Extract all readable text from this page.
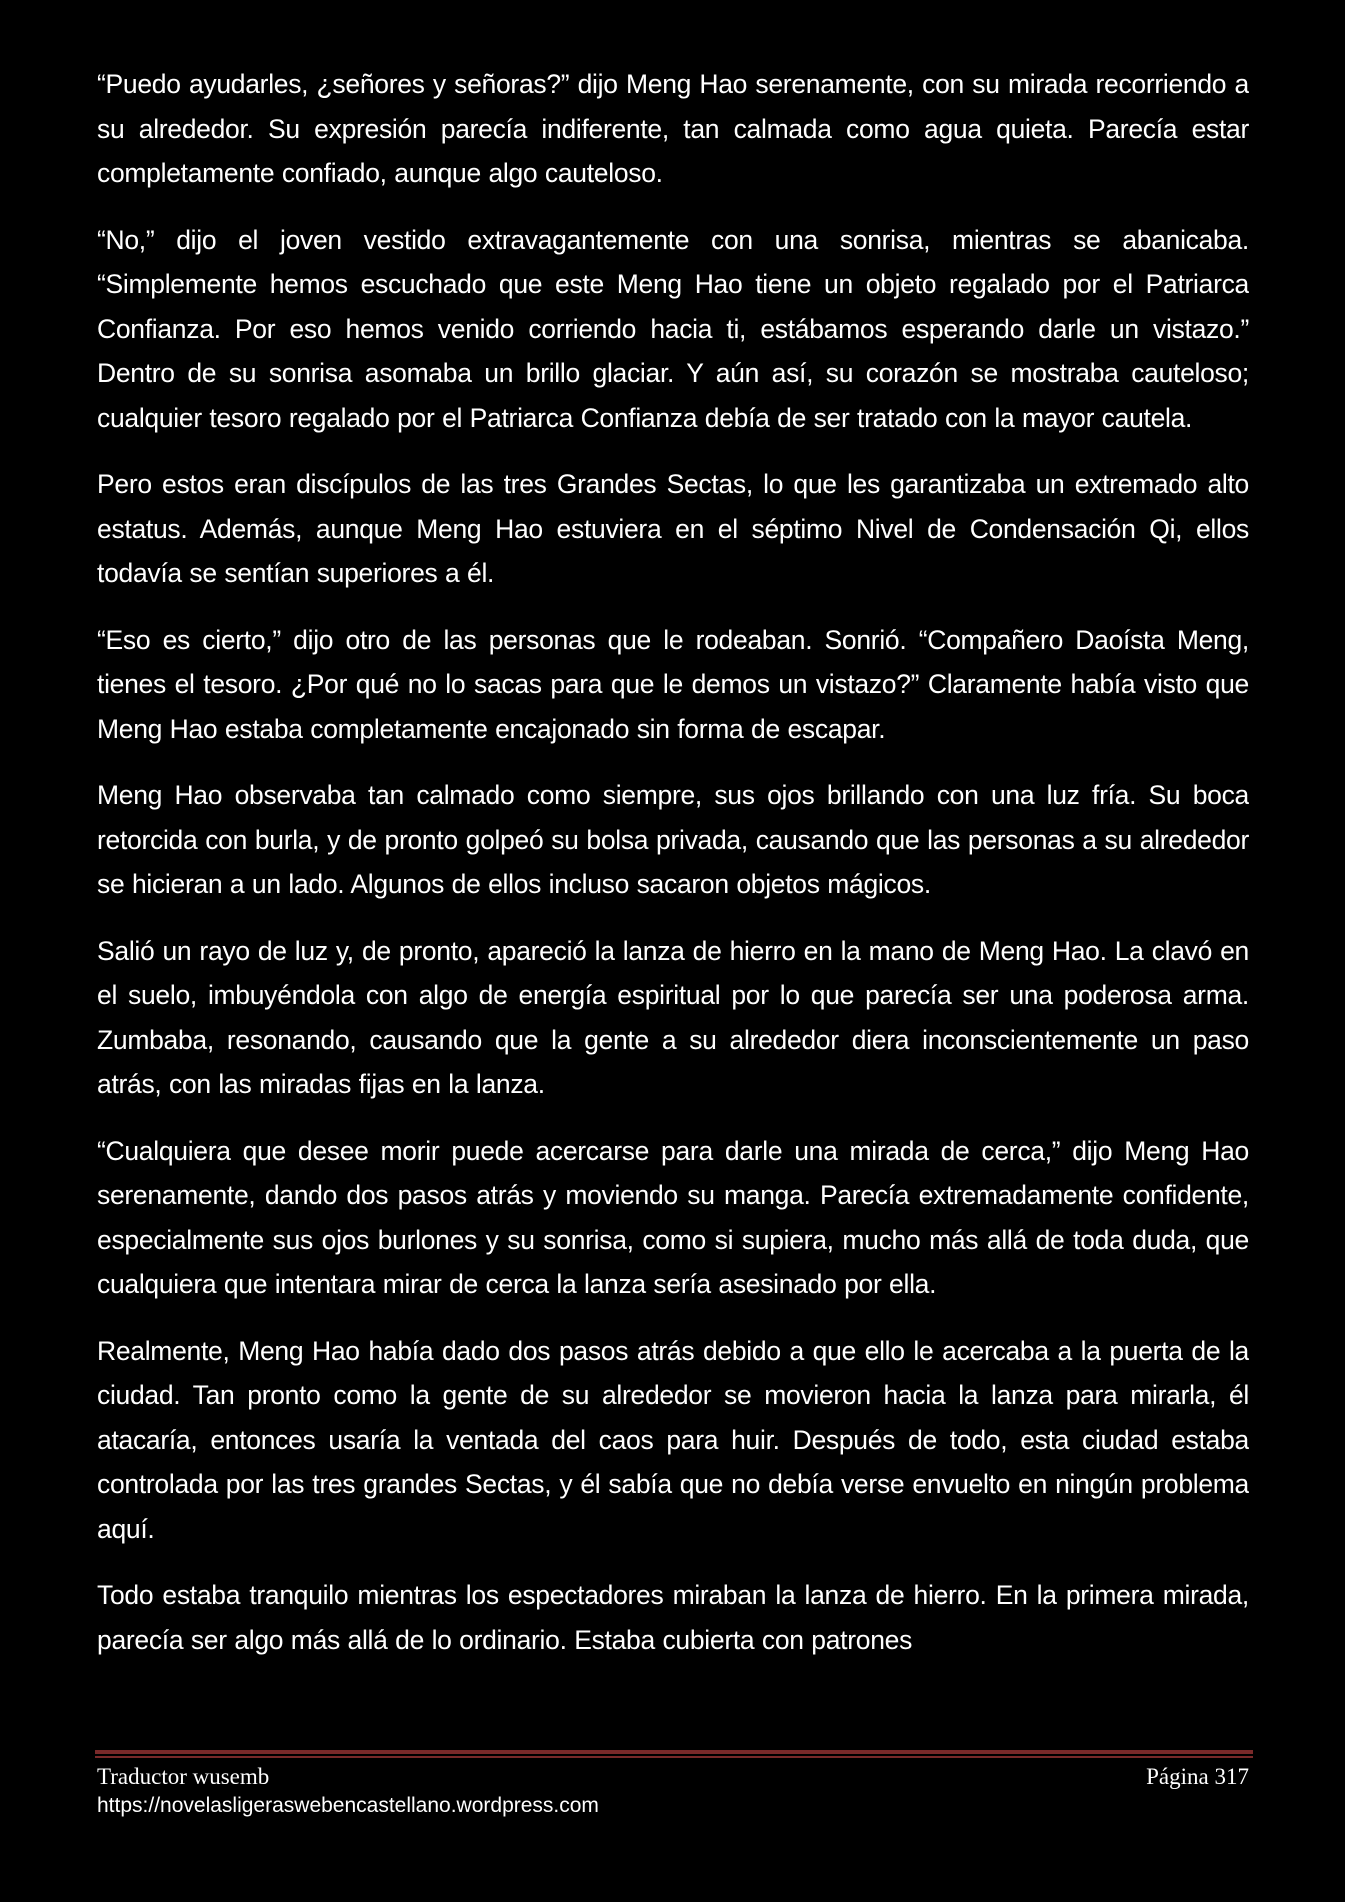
“Puedo ayudarles, ¿señores y señoras?” dijo Meng Hao serenamente, con su mirada recorriendo a su alrededor. Su expresión parecía indiferente, tan calmada como agua quieta. Parecía estar completamente confiado, aunque algo cauteloso.

“No,” dijo el joven vestido extravagantemente con una sonrisa, mientras se abanicaba. “Simplemente hemos escuchado que este Meng Hao tiene un objeto regalado por el Patriarca Confianza. Por eso hemos venido corriendo hacia ti, estábamos esperando darle un vistazo.” Dentro de su sonrisa asomaba un brillo glaciar. Y aún así, su corazón se mostraba cauteloso; cualquier tesoro regalado por el Patriarca Confianza debía de ser tratado con la mayor cautela.

Pero estos eran discípulos de las tres Grandes Sectas, lo que les garantizaba un extremado alto estatus. Además, aunque Meng Hao estuviera en el séptimo Nivel de Condensación Qi, ellos todavía se sentían superiores a él.

“Eso es cierto,” dijo otro de las personas que le rodeaban. Sonrió. “Compañero Daoísta Meng, tienes el tesoro. ¿Por qué no lo sacas para que le demos un vistazo?” Claramente había visto que Meng Hao estaba completamente encajonado sin forma de escapar.

Meng Hao observaba tan calmado como siempre, sus ojos brillando con una luz fría. Su boca retorcida con burla, y de pronto golpeó su bolsa privada, causando que las personas a su alrededor se hicieran a un lado. Algunos de ellos incluso sacaron objetos mágicos.

Salió un rayo de luz y, de pronto, apareció la lanza de hierro en la mano de Meng Hao. La clavó en el suelo, imbuyéndola con algo de energía espiritual por lo que parecía ser una poderosa arma. Zumbaba, resonando, causando que la gente a su alrededor diera inconscientemente un paso atrás, con las miradas fijas en la lanza.

“Cualquiera que desee morir puede acercarse para darle una mirada de cerca,” dijo Meng Hao serenamente, dando dos pasos atrás y moviendo su manga. Parecía extremadamente confidente, especialmente sus ojos burlones y su sonrisa, como si supiera, mucho más allá de toda duda, que cualquiera que intentara mirar de cerca la lanza sería asesinado por ella.

Realmente, Meng Hao había dado dos pasos atrás debido a que ello le acercaba a la puerta de la ciudad. Tan pronto como la gente de su alrededor se movieron hacia la lanza para mirarla, él atacaría, entonces usaría la ventada del caos para huir. Después de todo, esta ciudad estaba controlada por las tres grandes Sectas, y él sabía que no debía verse envuelto en ningún problema aquí.

Todo estaba tranquilo mientras los espectadores miraban la lanza de hierro. En la primera mirada, parecía ser algo más allá de lo ordinario. Estaba cubierta con patrones

Traductor wusemb	Página 317
https://novelasligeraswebencastellano.wordpress.com
